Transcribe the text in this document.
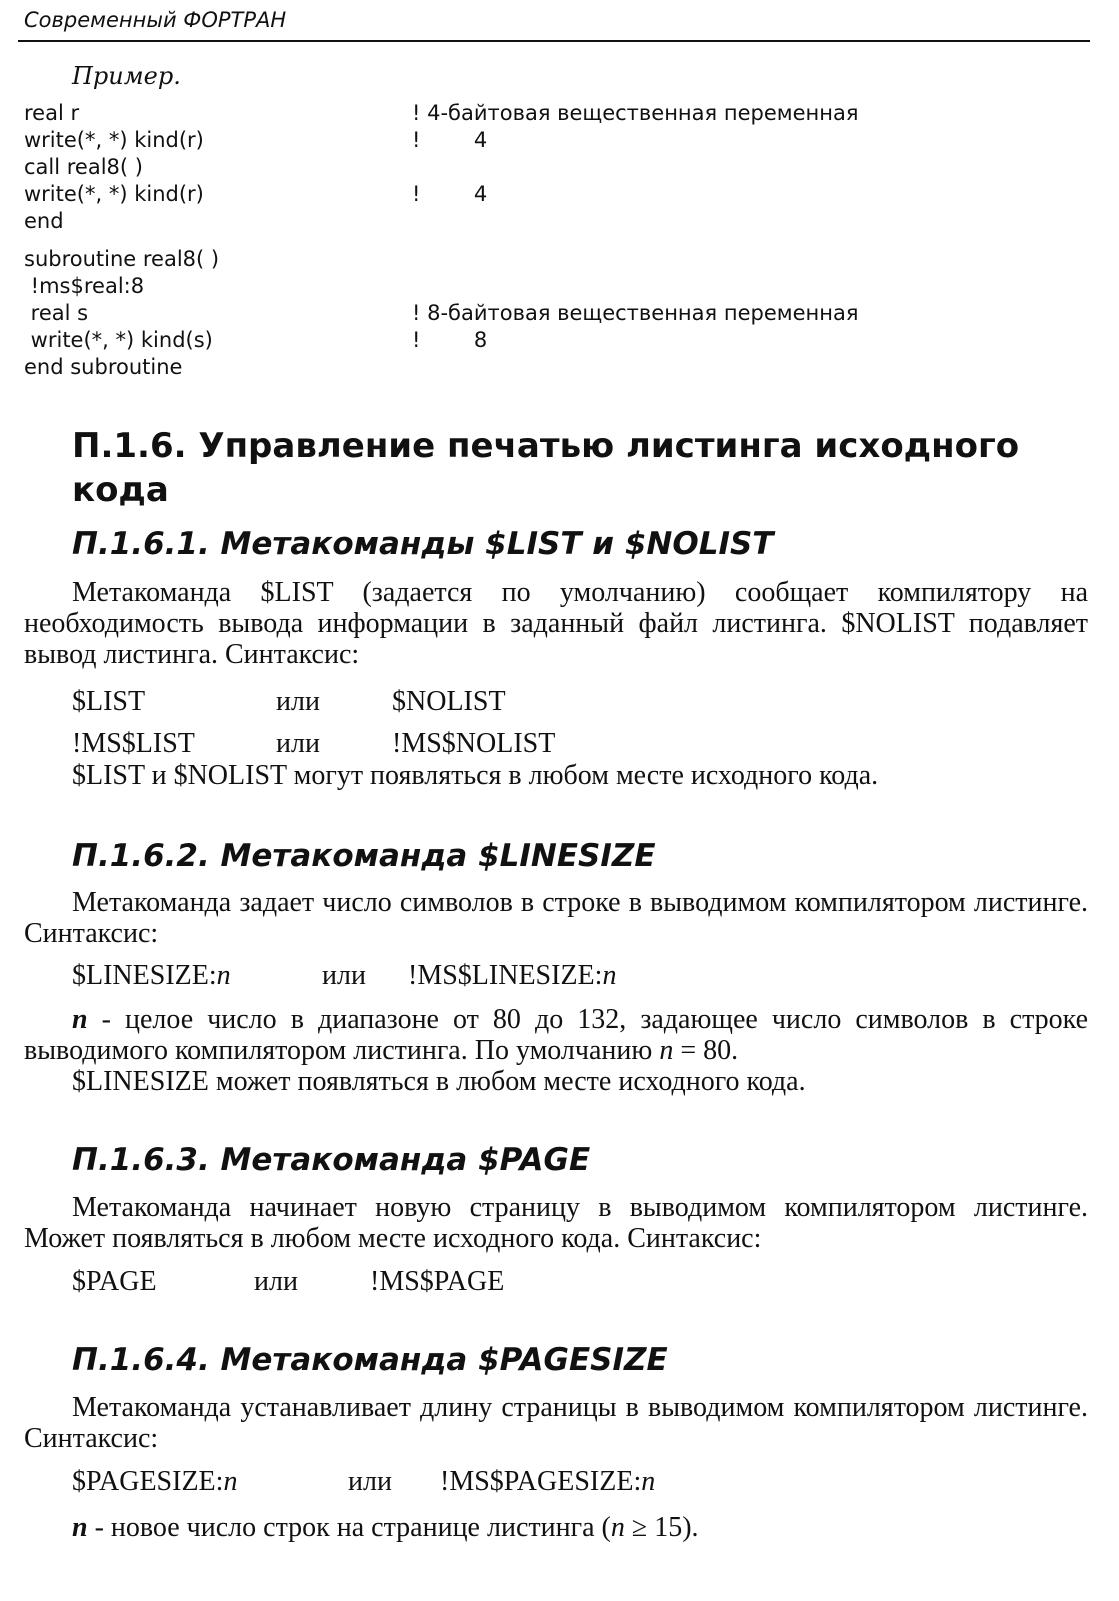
Современный ФОРТРАН
Пример.
real r	! 4-байтовая вещественная переменная
write(*, *) kind(r)	!        4
call real8( )
write(*, *) kind(r)	!        4
end
subroutine real8( )
!ms$real:8
real s	! 8-байтовая вещественная переменная
write(*, *) kind(s)	!        8
end subroutine
П.1.6. Управление печатью листинга исходного кода
П.1.6.1. Метакоманды $LIST и $NOLIST

Метакоманда $LIST (задается по умолчанию) сообщает компилятору на необходимость вывода информации в заданный файл листинга. $NOLIST подавляет вывод листинга. Синтаксис:

$LIST	или	$NOLIST
!MS$LIST	или	!MS$NOLIST

$LIST и $NOLIST могут появляться в любом месте исходного кода.

П.1.6.2. Метакоманда $LINESIZE

Метакоманда задает число символов в строке в выводимом компилятором листинге. Синтаксис:

$LINESIZE:n	или !MS$LINESIZE:n

n - целое число в диапазоне от 80 до 132, задающее число символов в строке выводимого компилятором листинга. По умолчанию n = 80.

$LINESIZE может появляться в любом месте исходного кода.

П.1.6.3. Метакоманда $PAGE

Метакоманда начинает новую страницу в выводимом компилятором листинге. Может появляться в любом месте исходного кода. Синтаксис:

$PAGE	или	!MS$PAGE
П.1.6.4. Метакоманда $PAGESIZE

Метакоманда устанавливает длину страницы в выводимом компилятором листинге. Синтаксис:

$PAGESIZE:n	или !MS$PAGESIZE:n

n - новое число строк на странице листинга (n ≥ 15).
